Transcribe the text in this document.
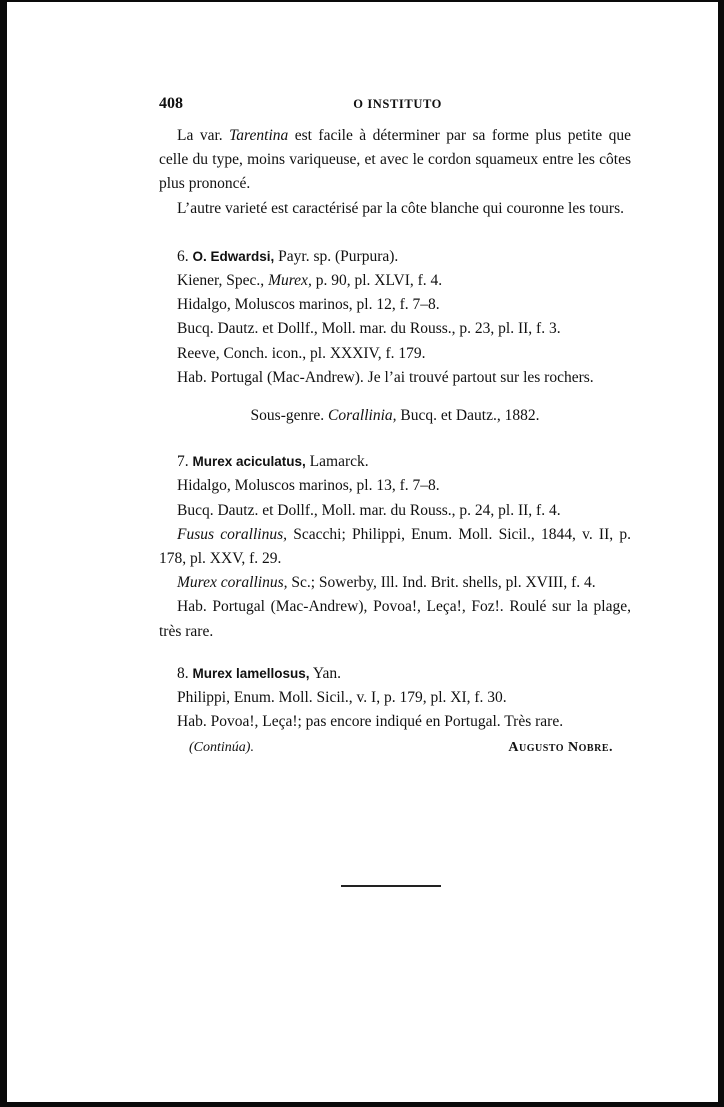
408	O INSTITUTO

La var. Tarentina est facile à déterminer par sa forme plus petite que celle du type, moins variqueuse, et avec le cordon squameux entre les côtes plus prononcé.

L’autre varieté est caractérisé par la côte blanche qui couronne les tours.

6. O. Edwardsi, Payr. sp. (Purpura).

Kiener, Spec., Murex, p. 90, pl. XLVI, f. 4.

Hidalgo, Moluscos marinos, pl. 12, f. 7–8.

Bucq. Dautz. et Dollf., Moll. mar. du Rouss., p. 23, pl. II, f. 3.

Reeve, Conch. icon., pl. XXXIV, f. 179.

Hab. Portugal (Mac-Andrew). Je l’ai trouvé partout sur les rochers.

Sous-genre. Corallinia, Bucq. et Dautz., 1882.

7. Murex aciculatus, Lamarck.

Hidalgo, Moluscos marinos, pl. 13, f. 7–8.

Bucq. Dautz. et Dollf., Moll. mar. du Rouss., p. 24, pl. II, f. 4.

Fusus corallinus, Scacchi; Philippi, Enum. Moll. Sicil., 1844, v. II, p. 178, pl. XXV, f. 29.

Murex corallinus, Sc.; Sowerby, Ill. Ind. Brit. shells, pl. XVIII, f. 4.

Hab. Portugal (Mac-Andrew), Povoa!, Leça!, Foz!. Roulé sur la plage, très rare.

8. Murex lamellosus, Yan.

Philippi, Enum. Moll. Sicil., v. I, p. 179, pl. XI, f. 30.

Hab. Povoa!, Leça!; pas encore indiqué en Portugal. Très rare.

(Continúa).	Augusto Nobre.
